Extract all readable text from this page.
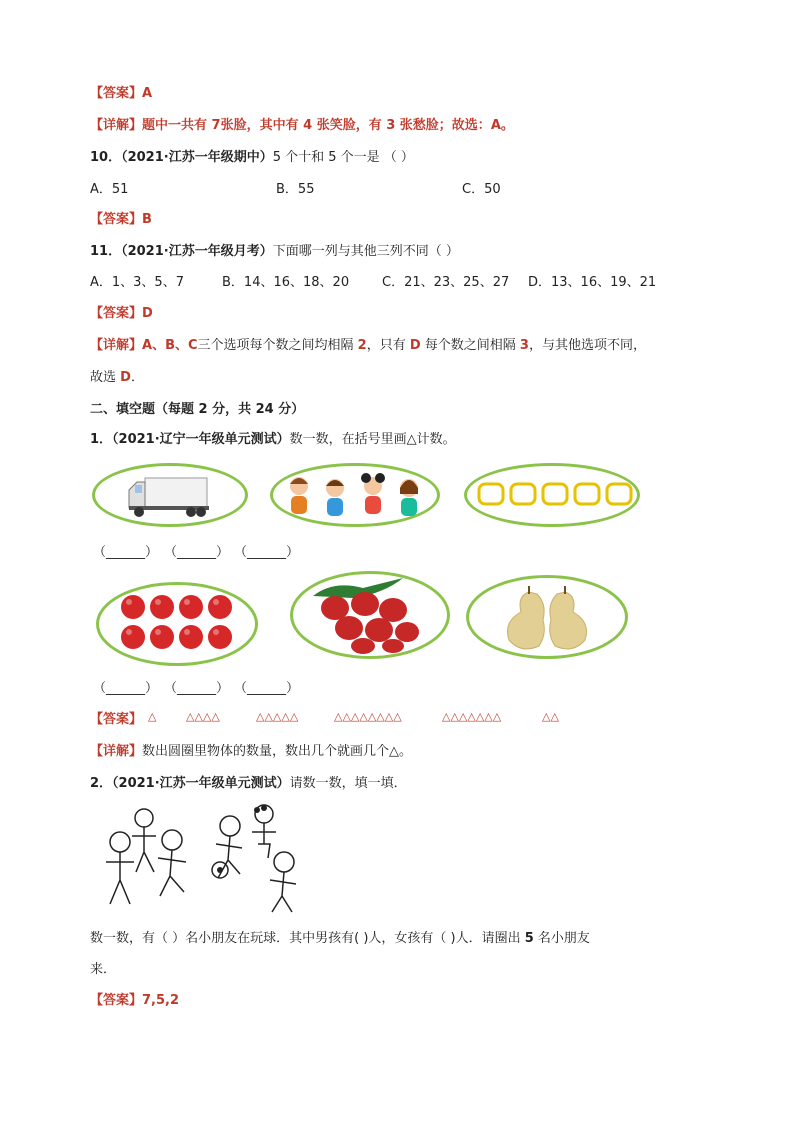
【答案】A
【详解】题中一共有 7张脸，其中有 4 张笑脸，有 3 张愁脸；故选：A。
10．（2021·江苏一年级期中）5 个十和 5 个一是 （ ）
A．51	B．55	C．50
【答案】B
11．（2021·江苏一年级月考）下面哪一列与其他三列不同（ ）
A．1、3、5、7	B．14、16、18、20	C．21、23、25、27 D．13、16、19、21
【答案】D
【详解】A、B、C三个选项每个数之间均相隔 2，只有 D 每个数之间相隔 3，与其他选项不同，
故选 D．
二、填空题（每题 2 分，共 24 分）
1．（2021·辽宁一年级单元测试）数一数，在括号里画△计数。
（______） （______） （______）
（______） （______） （______）
【答案】 △	△△△△	△△△△△	△△△△△△△△	△△△△△△△	△△
【详解】数出圆圈里物体的数量，数出几个就画几个△。
2．（2021·江苏一年级单元测试）请数一数，填一填．
数一数，有（ ）名小朋友在玩球．其中男孩有( )人，女孩有（ )人．请圈出 5 名小朋友
来．
【答案】7,5,2
